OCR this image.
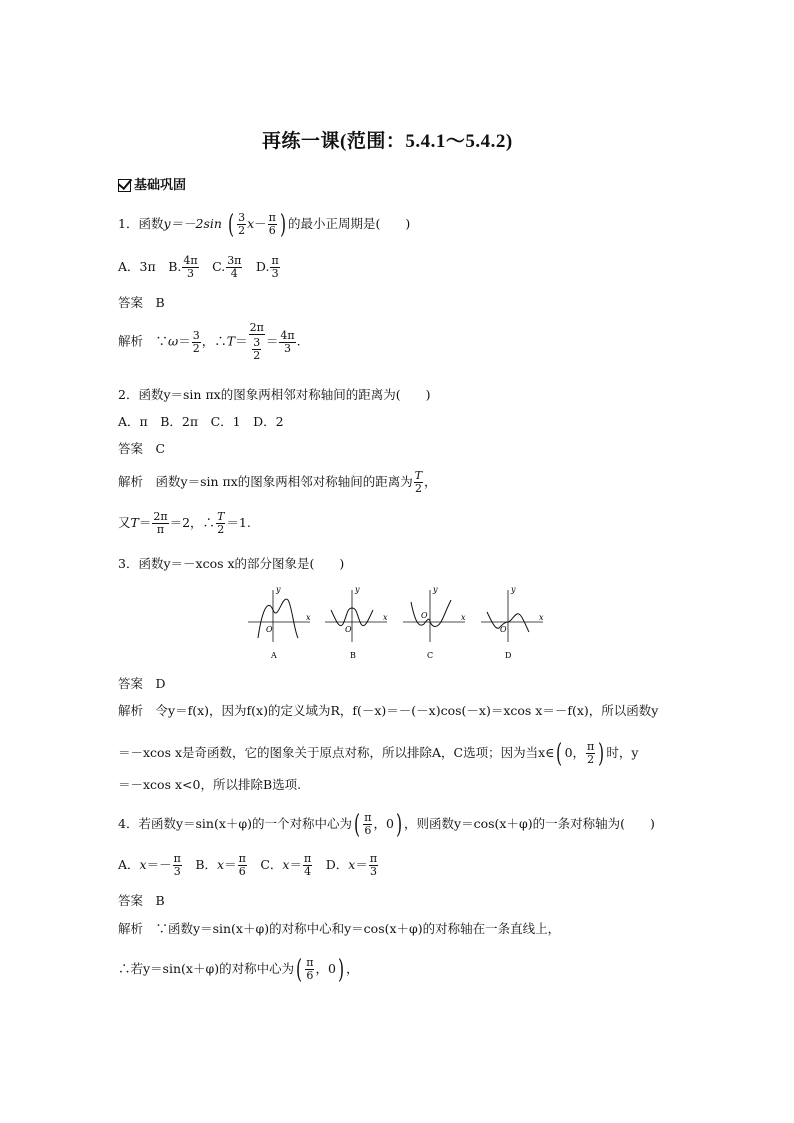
再练一课(范围：5.4.1～5.4.2)
基础巩固
1．函数y＝－2sin ( $\frac{3}{2} x- \frac{\pi}{6}$ ) 的最小正周期是(　　)
A．3π　B. $\frac{4\pi}{3}$ 　C. $\frac{3\pi}{4}$ 　D. $\frac{\pi}{3}$
答案　 B
解析　∵ω＝ $\frac{3}{2}$ ，∴T＝ $\frac{2\pi}{\frac{3}{2}} = \frac{4\pi}{3}$ .
2．函数y＝sin πx的图象两相邻对称轴间的距离为(　　)
A．π　B．2π　C．1　D．2
答案　 C
解析　 函数y＝sin πx的图象两相邻对称轴间的距离为 $\frac{T}{2}$ ，
又$T= \frac{2\pi}{\pi} =2$，∴ $\frac{T}{2} =1$.
3．函数y＝－xcos x的部分图象是(　　)
O
y
x
A
O
y
x
B
O
y
x
C
O
y
x
D
答案　 D
解析　 令y＝f(x)，因为f(x)的定义域为R，f(－x)＝－(－x)cos(－x)＝xcos x＝－f(x)，所以函数y
＝－xcos x是奇函数，它的图象关于原点对称，所以排除A，C选项；因为当x∈( 0， $\frac{\pi}{2}$ ) 时，y
＝－xcos x<0，所以排除B选项.
4．若函数y＝sin(x＋φ)的一个对称中心为( $\frac{\pi}{6}$ ，0) ，则函数y＝cos(x＋φ)的一条对称轴为(　　)
A．$x=- \frac{\pi}{3}$ 　B．$x= \frac{\pi}{6}$ 　C．$x= \frac{\pi}{4}$ 　D．$x= \frac{\pi}{3}$
答案　 B
解析　 ∵函数y＝sin(x＋φ)的对称中心和y＝cos(x＋φ)的对称轴在一条直线上，
∴若y＝sin(x＋φ)的对称中心为( $\frac{\pi}{6}$ ，0) ，
